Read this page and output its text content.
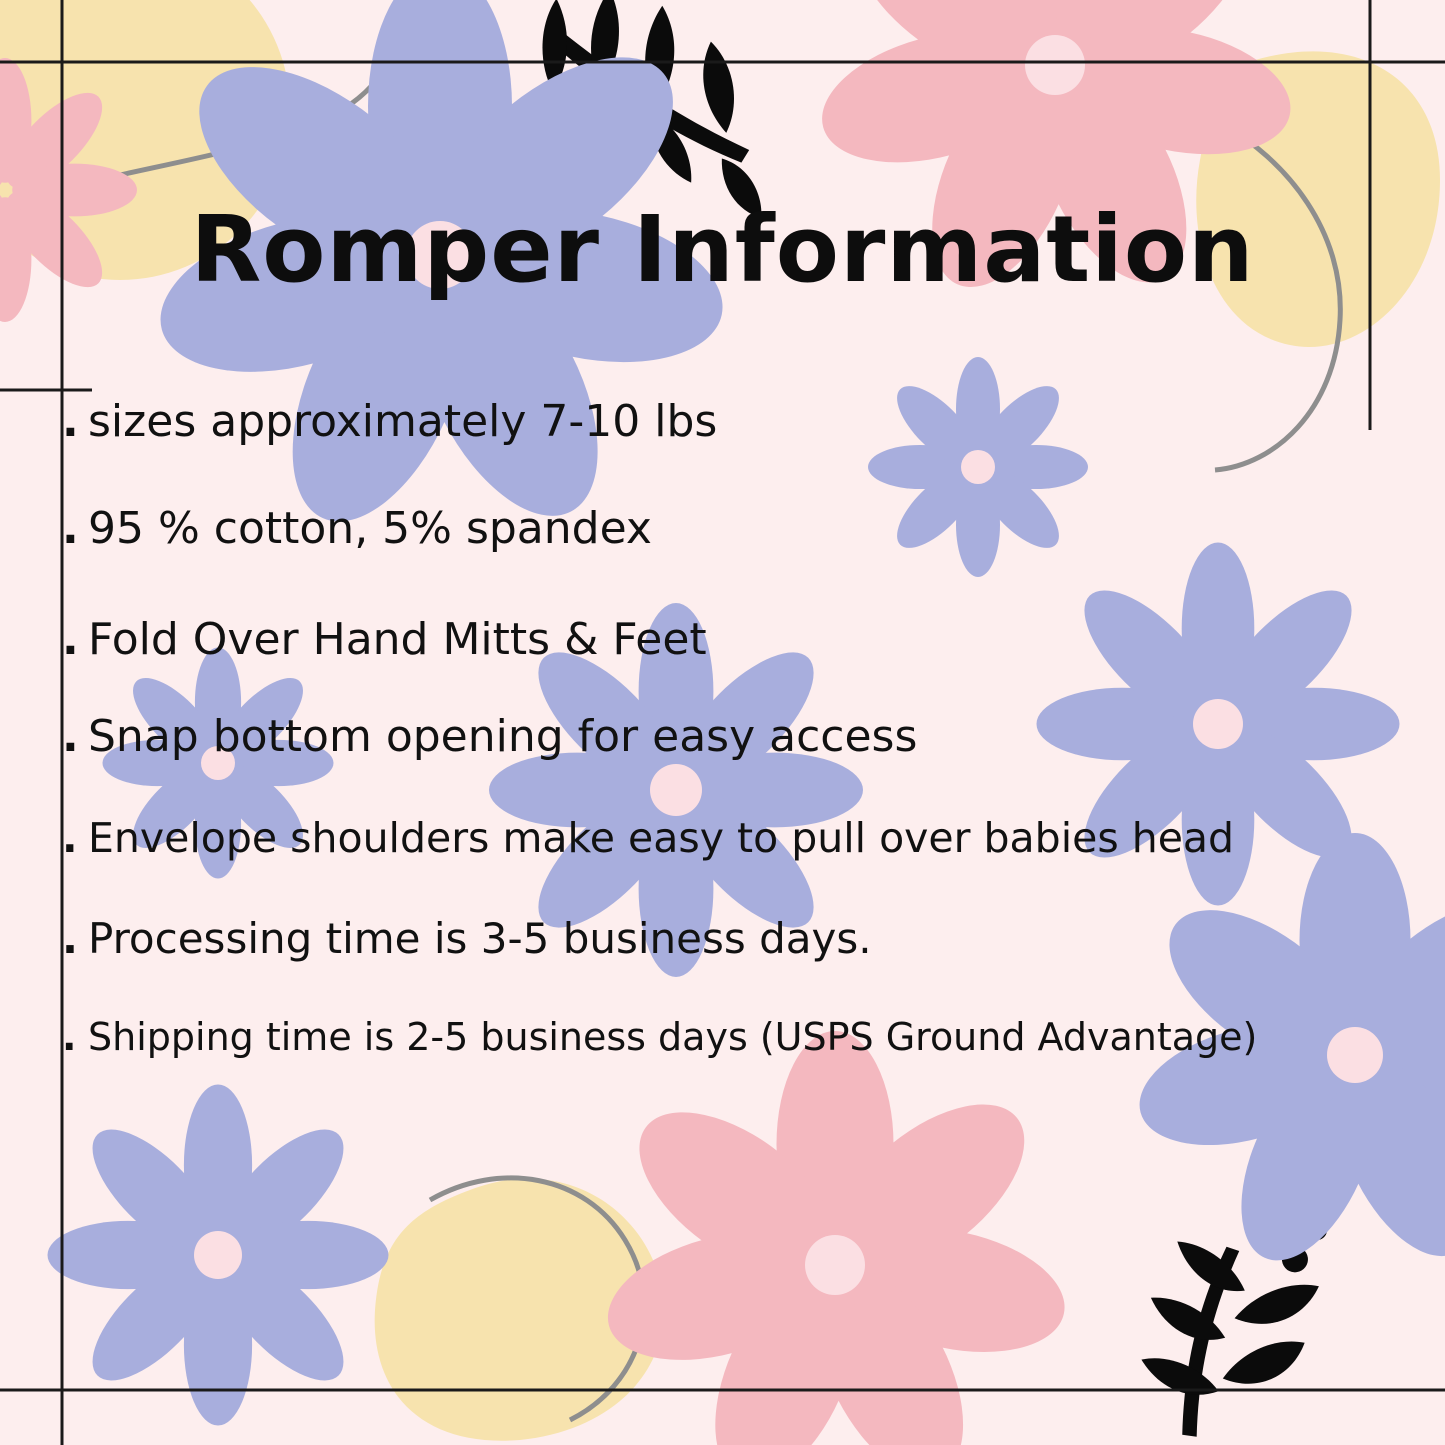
Romper Information
. sizes approximately 7-10 lbs
. 95 % cotton, 5% spandex
. Fold Over Hand Mitts & Feet
. Snap bottom opening for easy access
. Envelope shoulders make easy to pull over babies head
. Processing time is 3-5 business days.
. Shipping time is 2-5 business days (USPS Ground Advantage)
